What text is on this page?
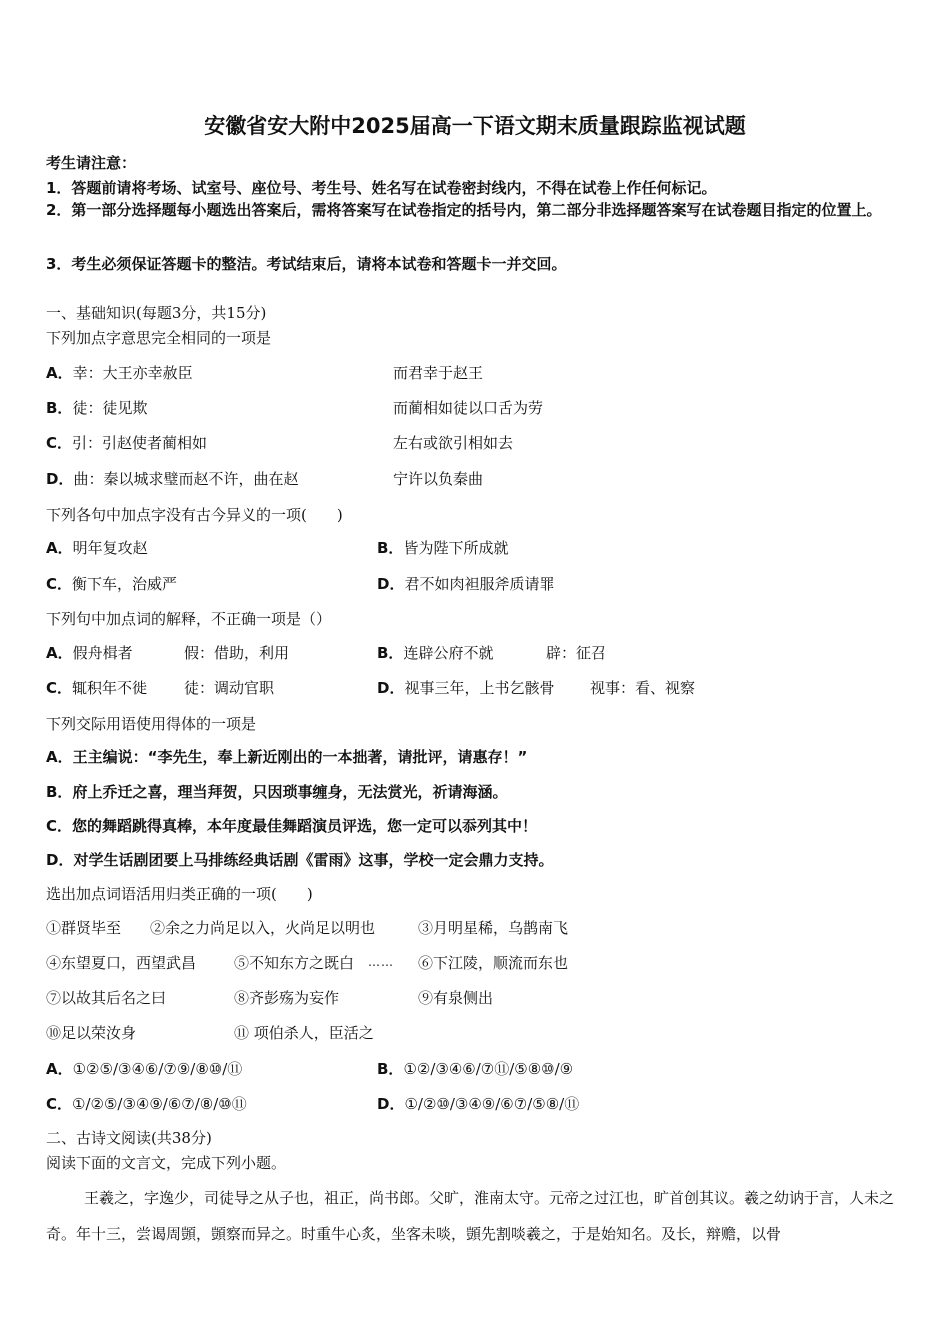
安徽省安大附中2025届高一下语文期末质量跟踪监视试题
考生请注意：
1．答题前请将考场、试室号、座位号、考生号、姓名写在试卷密封线内，不得在试卷上作任何标记。
2．第一部分选择题每小题选出答案后，需将答案写在试卷指定的括号内，第二部分非选择题答案写在试卷题目指定的位置上。
3．考生必须保证答题卡的整洁。考试结束后，请将本试卷和答题卡一并交回。
一、基础知识(每题3分，共15分)
下列加点字意思完全相同的一项是
A．幸：大王亦幸赦臣	而君幸于赵王
B．徒：徒见欺	而蔺相如徒以口舌为劳
C．引：引赵使者蔺相如	左右或欲引相如去
D．曲：秦以城求璧而赵不许，曲在赵	宁许以负秦曲
下列各句中加点字没有古今异义的一项(　　)
A．明年复攻赵	B．皆为陛下所成就
C．衡下车，治威严	D．君不如肉袒服斧质请罪
下列句中加点词的解释，不正确一项是（）
A．假舟楫者	假：借助，利用	B．连辟公府不就	辟：征召
C．辄积年不徙 徒：调动官职	D．视事三年，上书乞骸骨 视事：看、视察
下列交际用语使用得体的一项是
A．王主编说：“李先生，奉上新近刚出的一本拙著，请批评，请惠存！”
B．府上乔迁之喜，理当拜贺，只因琐事缠身，无法赏光，祈请海涵。
C．您的舞蹈跳得真棒，本年度最佳舞蹈演员评选，您一定可以忝列其中！
D．对学生话剧团要上马排练经典话剧《雷雨》这事，学校一定会鼎力支持。
选出加点词语活用归类正确的一项(　　)
①群贤毕至 ②余之力尚足以入，火尚足以明也	③月明星稀，乌鹊南飞
④东望夏口，西望武昌	⑤不知东方之既白 …… ⑥下江陵，顺流而东也
⑦以故其后名之曰	⑧齐彭殇为妄作	⑨有泉侧出
⑩足以荣汝身	⑪ 项伯杀人，臣活之
A．①②⑤/③④⑥/⑦⑨/⑧⑩/⑪	B．①②/③④⑥/⑦⑪/⑤⑧⑩/⑨
C．①/②⑤/③④⑨/⑥⑦/⑧/⑩⑪	D．①/②⑩/③④⑨/⑥⑦/⑤⑧/⑪
二、古诗文阅读(共38分)
阅读下面的文言文，完成下列小题。
王羲之，字逸少，司徒导之从子也，祖正，尚书郎。父旷，淮南太守。元帝之过江也，旷首创其议。羲之幼讷于言，人未之奇。年十三，尝谒周顗，顗察而异之。时重牛心炙，坐客未啖，顗先割啖羲之，于是始知名。及长，辩赡，以骨
